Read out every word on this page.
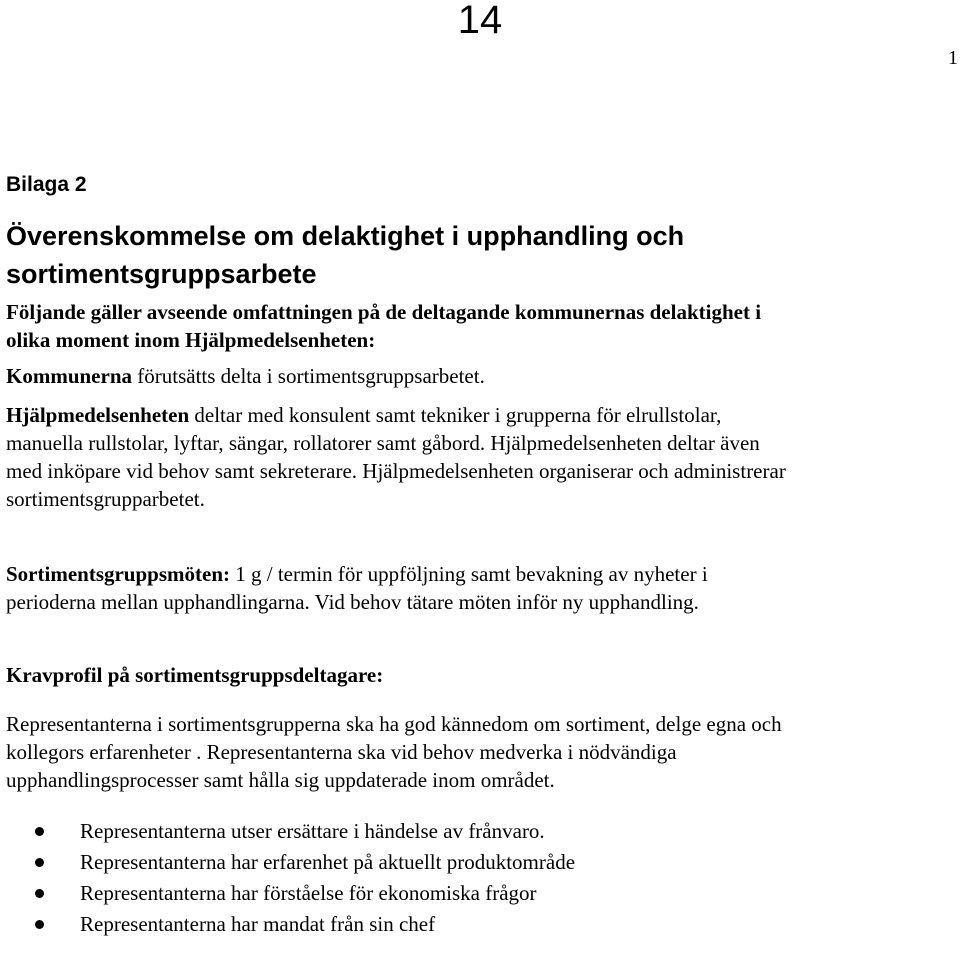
14
1
Bilaga 2
Överenskommelse om delaktighet i upphandling och
sortimentsgruppsarbete

Följande gäller avseende omfattningen på de deltagande kommunernas delaktighet i
olika moment inom Hjälpmedelsenheten:

Kommunerna förutsätts delta i sortimentsgruppsarbetet.

Hjälpmedelsenheten deltar med konsulent samt tekniker i grupperna för elrullstolar,
manuella rullstolar, lyftar, sängar, rollatorer samt gåbord. Hjälpmedelsenheten deltar även
med inköpare vid behov samt sekreterare. Hjälpmedelsenheten organiserar och administrerar
sortimentsgrupparbetet.

Sortimentsgruppsmöten: 1 g / termin för uppföljning samt bevakning av nyheter i
perioderna mellan upphandlingarna. Vid behov tätare möten inför ny upphandling.

Kravprofil på sortimentsgruppsdeltagare:

Representanterna i sortimentsgrupperna ska ha god kännedom om sortiment, delge egna och
kollegors erfarenheter . Representanterna ska vid behov medverka i nödvändiga
upphandlingsprocesser samt hålla sig uppdaterade inom området.

Representanterna utser ersättare i händelse av frånvaro.
Representanterna har erfarenhet på aktuellt produktområde
Representanterna har förståelse för ekonomiska frågor
Representanterna har mandat från sin chef
